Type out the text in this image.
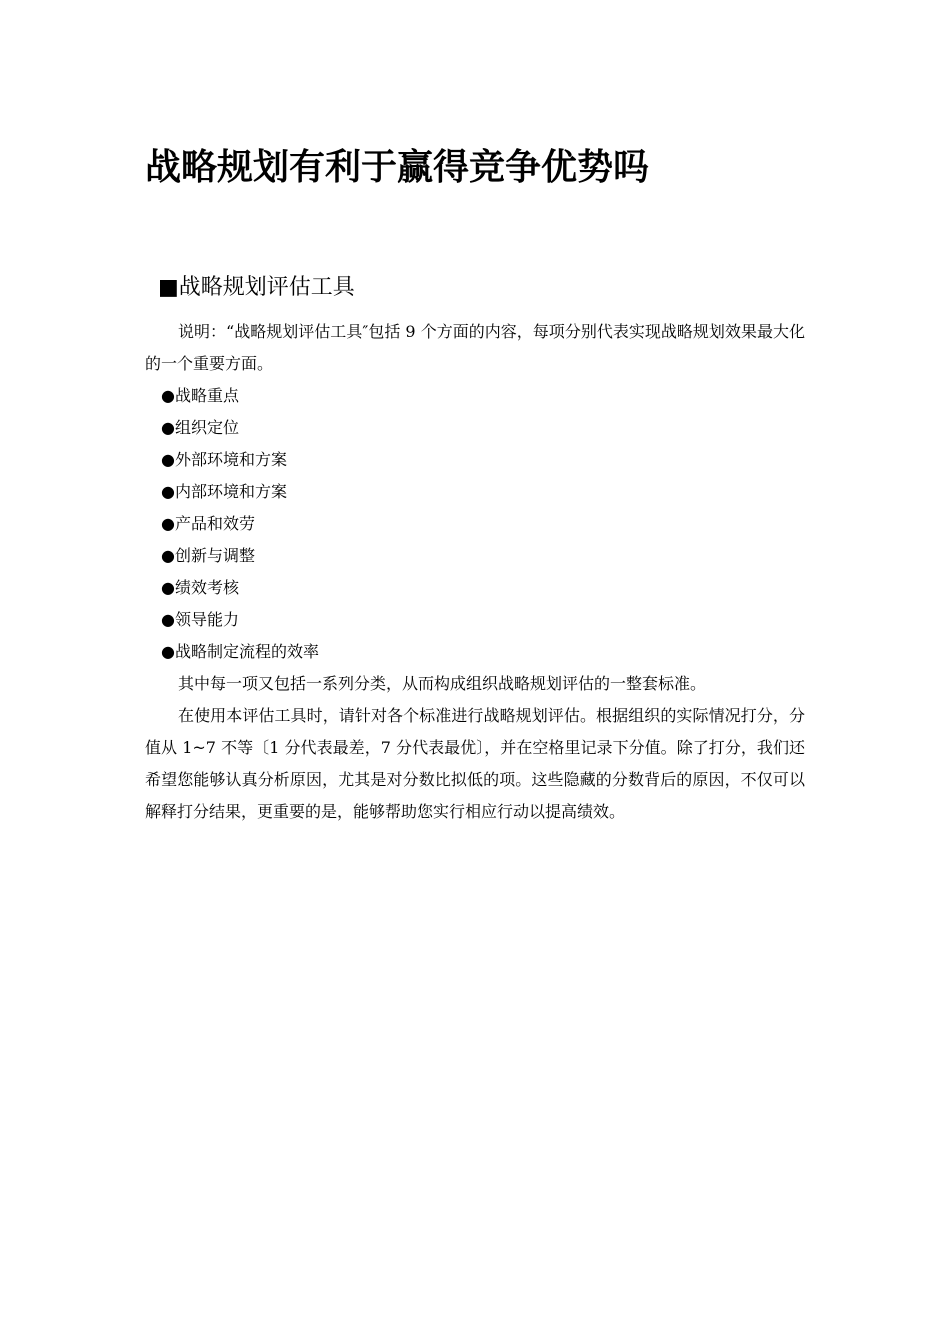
战略规划有利于赢得竞争优势吗
■战略规划评估工具

说明：“战略规划评估工具″包括 9 个方面的内容，每项分别代表实现战略规划效果最大化的一个重要方面。

●战略重点
●组织定位
●外部环境和方案
●内部环境和方案
●产品和效劳
●创新与调整
●绩效考核
●领导能力
●战略制定流程的效率

其中每一项又包括一系列分类，从而构成组织战略规划评估的一整套标准。

在使用本评估工具时，请针对各个标准进行战略规划评估。根据组织的实际情况打分，分值从 1~7 不等〔1 分代表最差，7 分代表最优〕，并在空格里记录下分值。除了打分，我们还希望您能够认真分析原因，尤其是对分数比拟低的项。这些隐藏的分数背后的原因，不仅可以解释打分结果，更重要的是，能够帮助您实行相应行动以提高绩效。
